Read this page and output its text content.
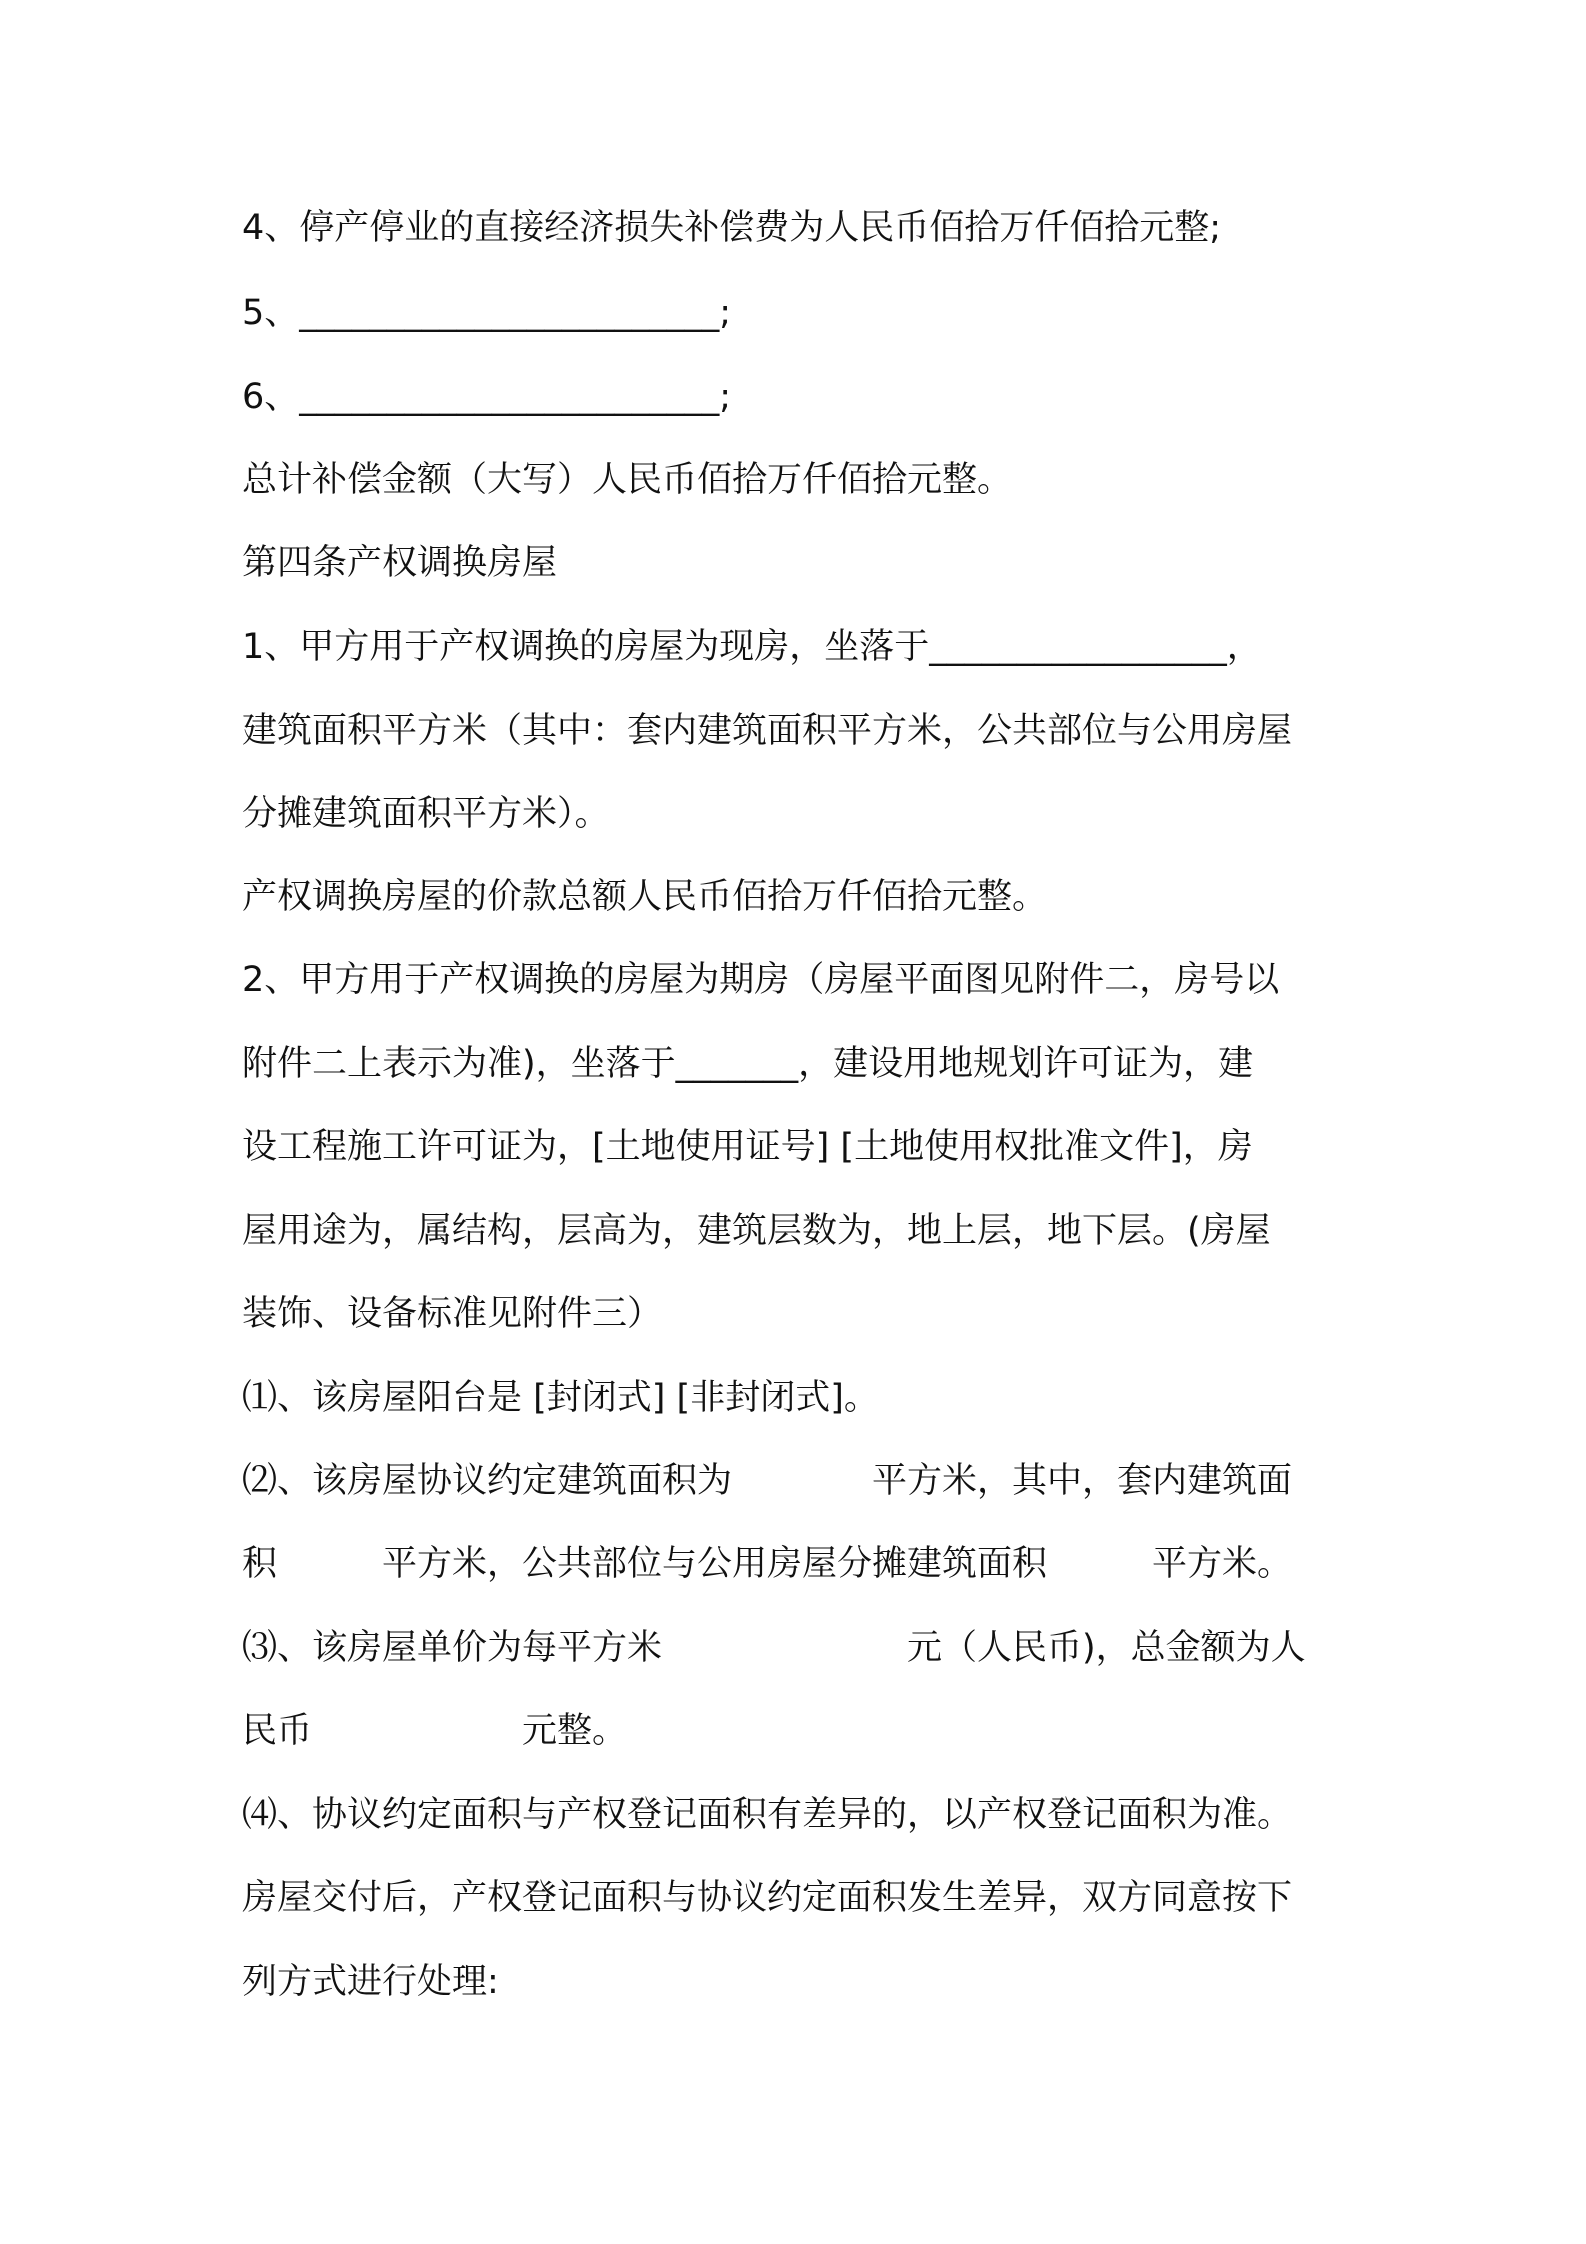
4、停产停业的直接经济损失补偿费为人民币佰拾万仟佰拾元整;
5、________________________;
6、________________________;
总计补偿金额（大写）人民币佰拾万仟佰拾元整。
第四条产权调换房屋
1、甲方用于产权调换的房屋为现房，坐落于_________________，
建筑面积平方米（其中：套内建筑面积平方米，公共部位与公用房屋
分摊建筑面积平方米）。
产权调换房屋的价款总额人民币佰拾万仟佰拾元整。
2、甲方用于产权调换的房屋为期房（房屋平面图见附件二，房号以
附件二上表示为准)，坐落于_______，建设用地规划许可证为，建
设工程施工许可证为，[土地使用证号] [土地使用权批准文件]，房
屋用途为，属结构，层高为，建筑层数为，地上层，地下层。(房屋
装饰、设备标准见附件三）
⑴、该房屋阳台是 [封闭式] [非封闭式]。
⑵、该房屋协议约定建筑面积为　　　　平方米，其中，套内建筑面
积　　　平方米，公共部位与公用房屋分摊建筑面积　　　平方米。
⑶、该房屋单价为每平方米　　　　　　　元（人民币)，总金额为人
民币　　　　　　元整。
⑷、协议约定面积与产权登记面积有差异的，以产权登记面积为准。
房屋交付后，产权登记面积与协议约定面积发生差异，双方同意按下
列方式进行处理:
